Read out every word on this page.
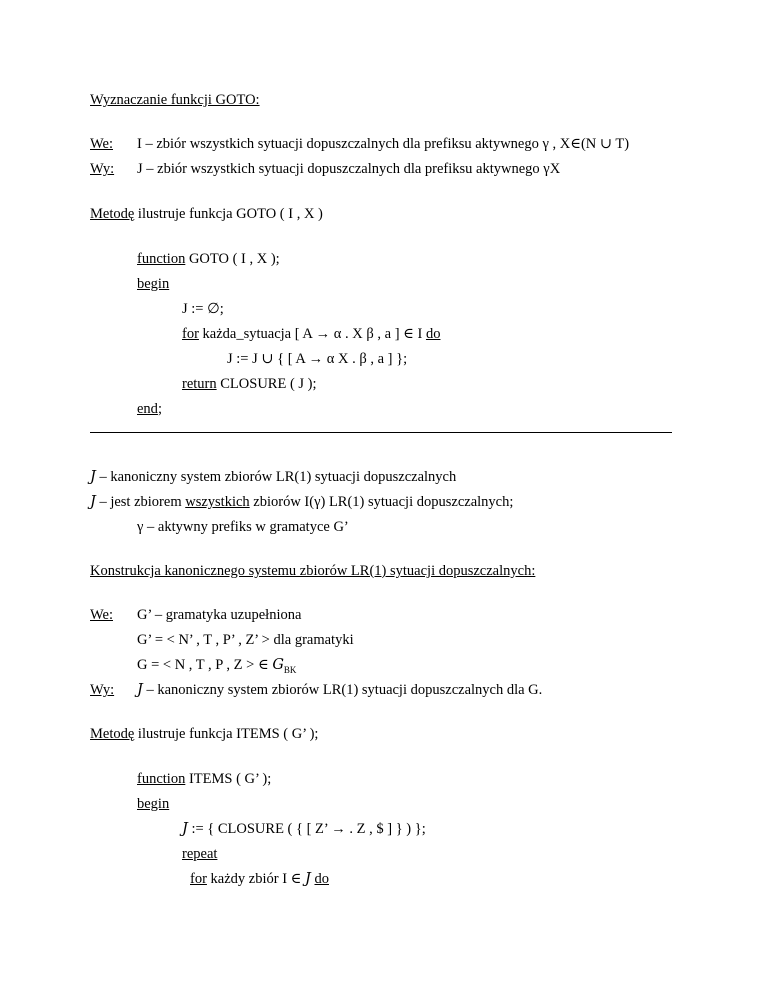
Wyznaczanie funkcji GOTO:
We: I – zbiór wszystkich sytuacji dopuszczalnych dla prefiksu aktywnego γ , X∈(N ∪ T)
Wy: J – zbiór wszystkich sytuacji dopuszczalnych dla prefiksu aktywnego γX
Metodę ilustruje funkcja GOTO ( I , X )
function GOTO ( I , X );
begin
J := ∅;
for każda_sytuacja [ A → α . X β , a ] ∈ I do
J := J ∪ { [ A → α X . β , a ] };
return CLOSURE ( J );
end;
J – kanoniczny system zbiorów LR(1) sytuacji dopuszczalnych
J – jest zbiorem wszystkich zbiorów I(γ) LR(1) sytuacji dopuszczalnych;
γ – aktywny prefiks w gramatyce G’
Konstrukcja kanonicznego systemu zbiorów LR(1) sytuacji dopuszczalnych:
We: G’ – gramatyka uzupełniona
G’ = < N’ , T , P’ , Z’ > dla gramatyki
G = < N , T , P , Z > ∈ $G_{BK}$
Wy: J – kanoniczny system zbiorów LR(1) sytuacji dopuszczalnych dla G.
Metodę ilustruje funkcja ITEMS ( G’ );
function ITEMS ( G’ );
begin
J := { CLOSURE ( { [ Z’ → . Z , $ ] } ) };
repeat
for każdy zbiór I ∈ J do
